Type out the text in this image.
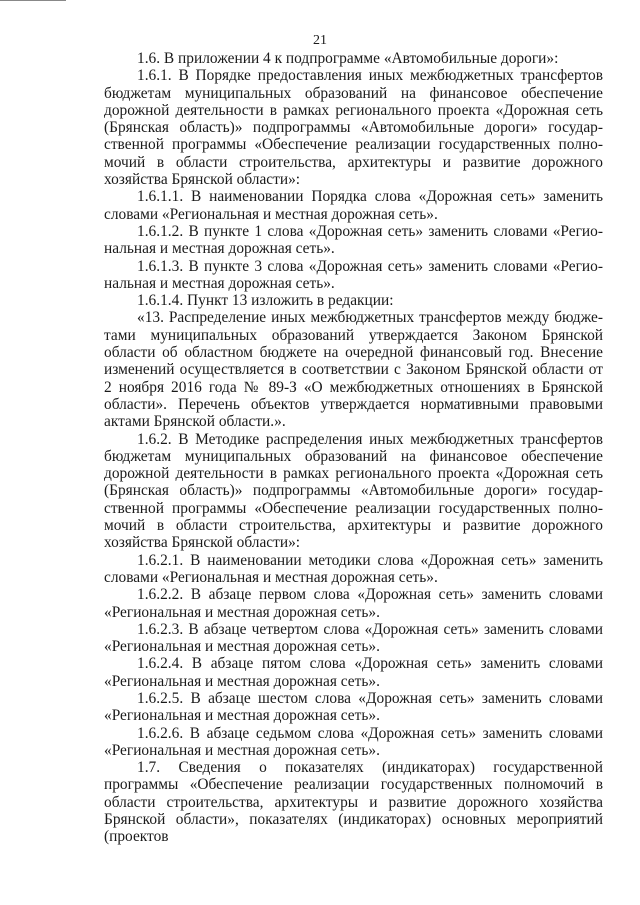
21

1.6. В приложении 4 к подпрограмме «Автомобильные дороги»:

1.6.1. В Порядке предоставления иных межбюджетных трансфертов бюджетам муниципальных образований на финансовое обеспечение дорожной деятельности в рамках регионального проекта «Дорожная сеть (Брянская область)» подпрограммы «Автомобильные дороги» государственной программы «Обеспечение реализации государственных полномочий в области строительства, архитектуры и развитие дорожного хозяйства Брянской области»:

1.6.1.1. В наименовании Порядка слова «Дорожная сеть» заменить словами «Региональная и местная дорожная сеть».

1.6.1.2. В пункте 1 слова «Дорожная сеть» заменить словами «Региональная и местная дорожная сеть».

1.6.1.3. В пункте 3 слова «Дорожная сеть» заменить словами «Региональная и местная дорожная сеть».

1.6.1.4. Пункт 13 изложить в редакции:

«13. Распределение иных межбюджетных трансфертов между бюджетами муниципальных образований утверждается Законом Брянской области об областном бюджете на очередной финансовый год. Внесение изменений осуществляется в соответствии с Законом Брянской области от 2 ноября 2016 года № 89-З «О межбюджетных отношениях в Брянской области». Перечень объектов утверждается нормативными правовыми актами Брянской области.».

1.6.2. В Методике распределения иных межбюджетных трансфертов бюджетам муниципальных образований на финансовое обеспечение дорожной деятельности в рамках регионального проекта «Дорожная сеть (Брянская область)» подпрограммы «Автомобильные дороги» государственной программы «Обеспечение реализации государственных полномочий в области строительства, архитектуры и развитие дорожного хозяйства Брянской области»:

1.6.2.1. В наименовании методики слова «Дорожная сеть» заменить словами «Региональная и местная дорожная сеть».

1.6.2.2. В абзаце первом слова «Дорожная сеть» заменить словами «Региональная и местная дорожная сеть».

1.6.2.3. В абзаце четвертом слова «Дорожная сеть» заменить словами «Региональная и местная дорожная сеть».

1.6.2.4. В абзаце пятом слова «Дорожная сеть» заменить словами «Региональная и местная дорожная сеть».

1.6.2.5. В абзаце шестом слова «Дорожная сеть» заменить словами «Региональная и местная дорожная сеть».

1.6.2.6. В абзаце седьмом слова «Дорожная сеть» заменить словами «Региональная и местная дорожная сеть».

1.7. Сведения о показателях (индикаторах) государственной программы «Обеспечение реализации государственных полномочий в области строительства, архитектуры и развитие дорожного хозяйства Брянской области», показателях (индикаторах) основных мероприятий (проектов
